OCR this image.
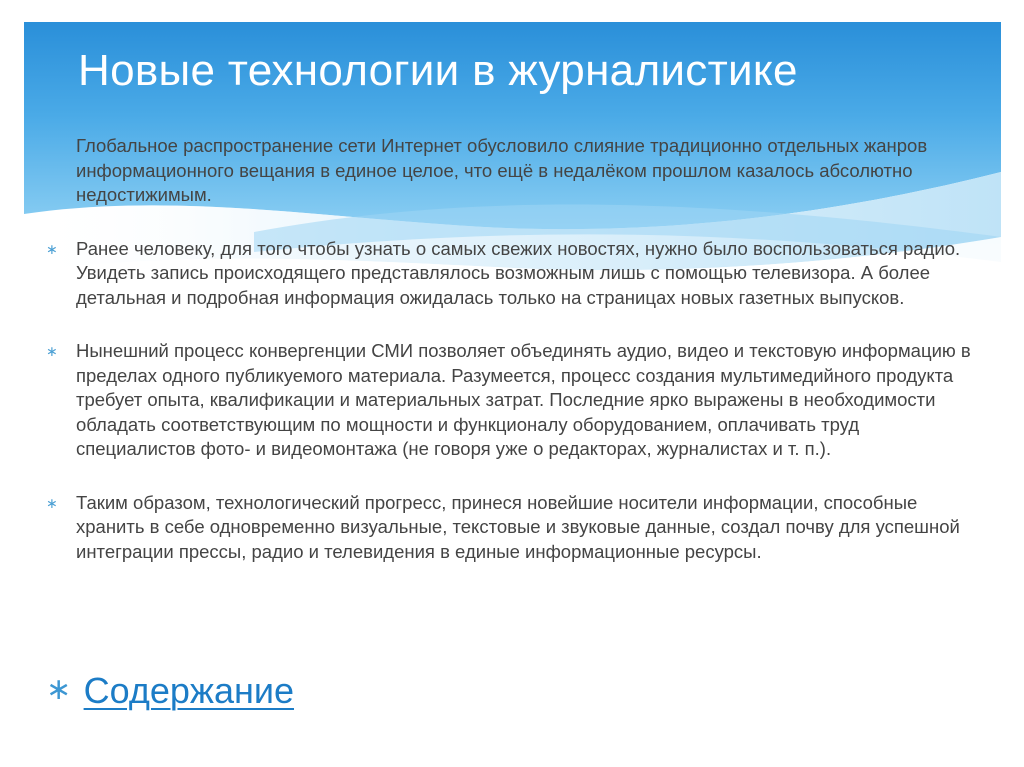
Новые технологии в журналистике

Глобальное распространение сети Интернет обусловило слияние традиционно отдельных жанров информационного вещания в единое целое, что ещё в недалёком прошлом казалось абсолютно недостижимым.

∗ Ранее человеку, для того чтобы узнать о самых свежих новостях, нужно было воспользоваться радио. Увидеть запись происходящего представлялось возможным лишь с помощью телевизора. А более детальная и подробная информация ожидалась только на страницах новых газетных выпусков.
∗ Нынешний процесс конвергенции СМИ позволяет объединять аудио, видео и текстовую информацию в пределах одного публикуемого материала. Разумеется, процесс создания мультимедийного продукта требует опыта, квалификации и материальных затрат. Последние ярко выражены в необходимости обладать соответствующим по мощности и функционалу оборудованием, оплачивать труд специалистов фото- и видеомонтажа (не говоря уже о редакторах, журналистах и т. п.).
∗ Таким образом, технологический прогресс, принеся новейшие носители информации, способные хранить в себе одновременно визуальные, текстовые и звуковые данные, создал почву для успешной интеграции прессы, радио и телевидения в единые информационные ресурсы.
∗ Содержание
